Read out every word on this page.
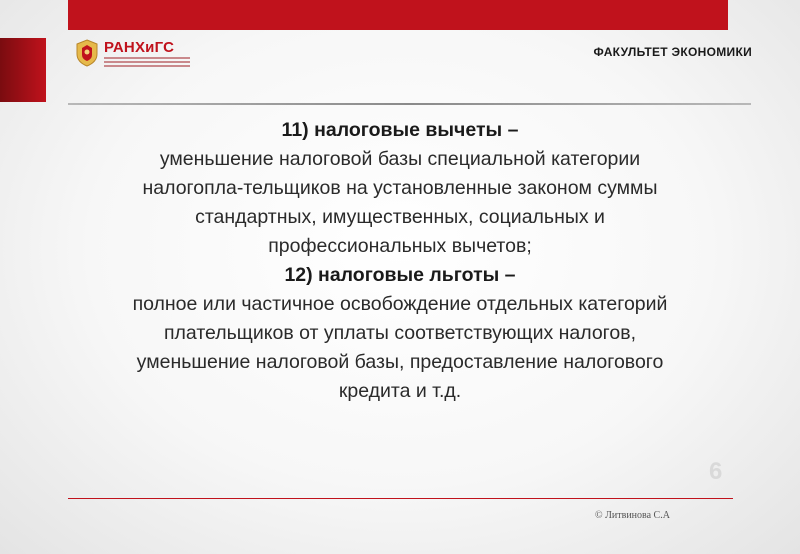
РАНХиГС	ФАКУЛЬТЕТ ЭКОНОМИКИ
11) налоговые вычеты –
уменьшение налоговой базы специальной категории
налогопла-тельщиков на установленные законом суммы
стандартных, имущественных, социальных и
профессиональных вычетов;
12) налоговые льготы –
полное или частичное освобождение отдельных категорий
плательщиков от уплаты соответствующих налогов,
уменьшение налоговой базы, предоставление налогового
кредита и т.д.
6
© Литвинова С.А
